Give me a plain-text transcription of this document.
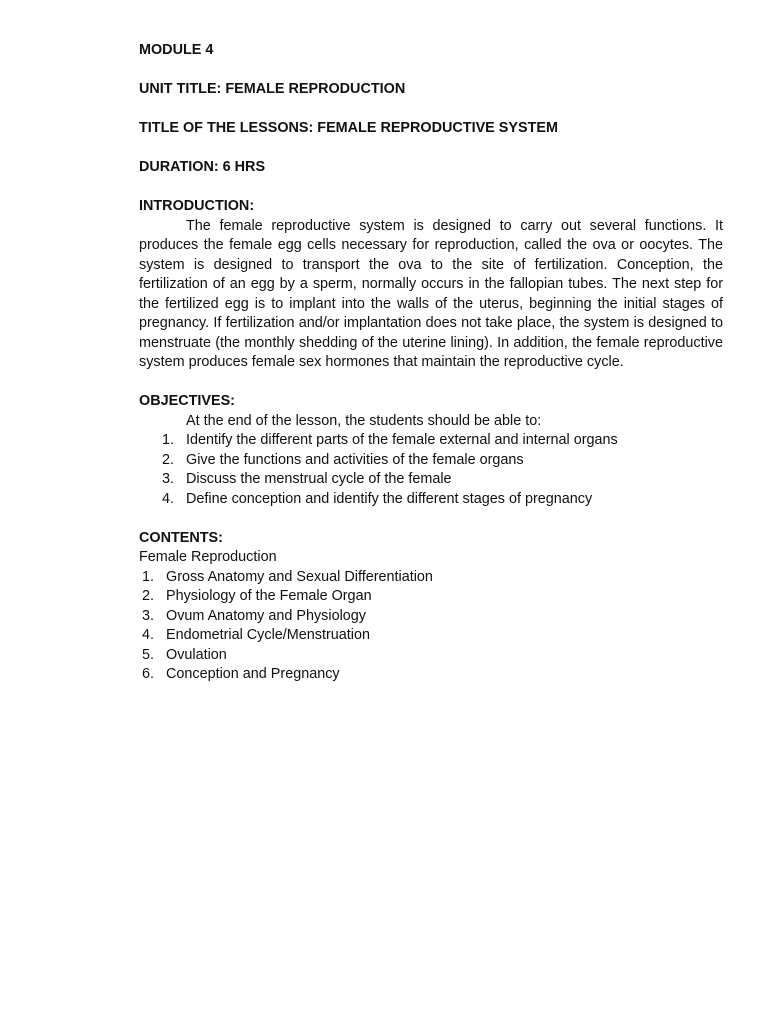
MODULE 4

UNIT TITLE: FEMALE REPRODUCTION

TITLE OF THE LESSONS: FEMALE REPRODUCTIVE SYSTEM

DURATION: 6 HRS

INTRODUCTION:

The female reproductive system is designed to carry out several functions. It produces the female egg cells necessary for reproduction, called the ova or oocytes. The system is designed to transport the ova to the site of fertilization. Conception, the fertilization of an egg by a sperm, normally occurs in the fallopian tubes. The next step for the fertilized egg is to implant into the walls of the uterus, beginning the initial stages of pregnancy. If fertilization and/or implantation does not take place, the system is designed to menstruate (the monthly shedding of the uterine lining). In addition, the female reproductive system produces female sex hormones that maintain the reproductive cycle.

OBJECTIVES:

At the end of the lesson, the students should be able to:

1. Identify the different parts of the female external and internal organs
2. Give the functions and activities of the female organs
3. Discuss the menstrual cycle of the female
4. Define conception and identify the different stages of pregnancy

CONTENTS:

Female Reproduction

1. Gross Anatomy and Sexual Differentiation
2. Physiology of the Female Organ
3. Ovum Anatomy and Physiology
4. Endometrial Cycle/Menstruation
5. Ovulation
6. Conception and Pregnancy
